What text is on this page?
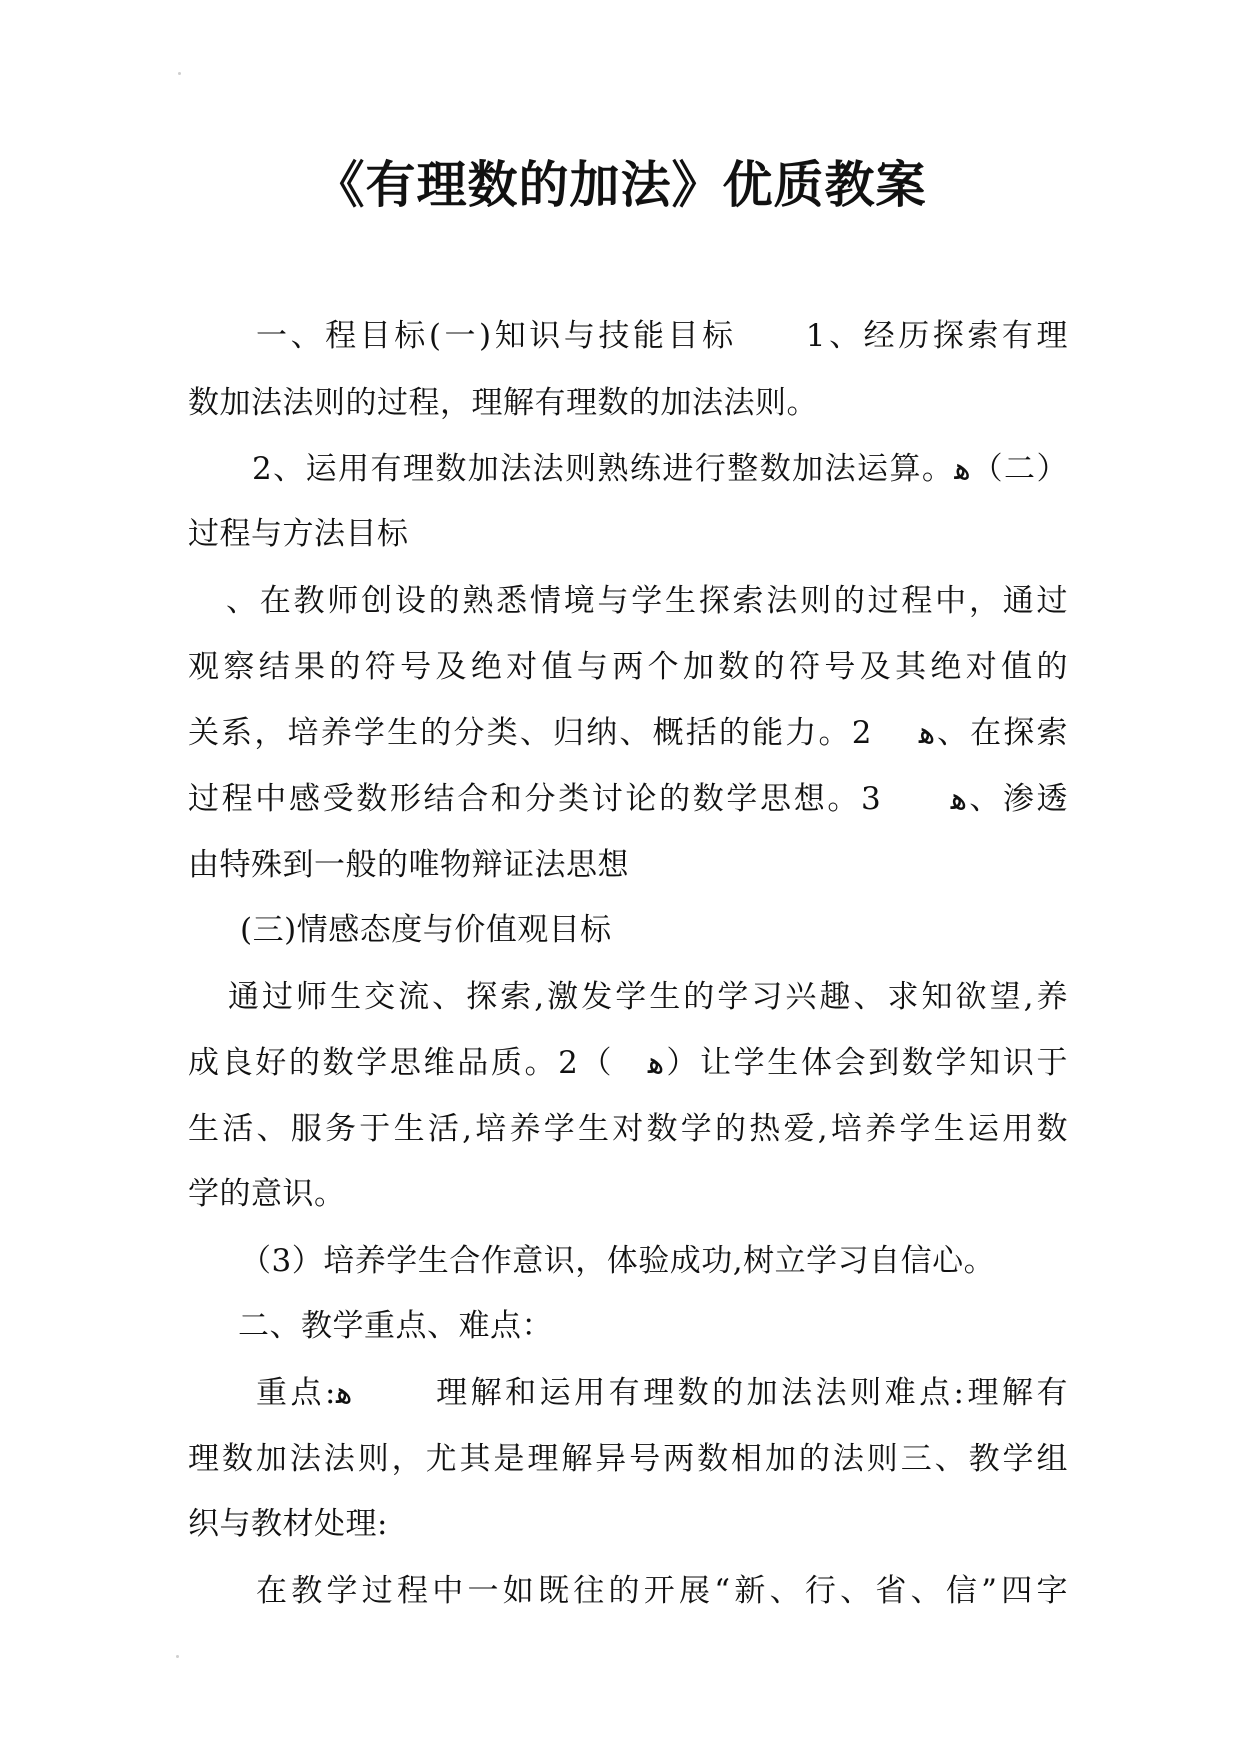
《有理数的加法》优质教案
一、程目标(一)知识与技能目标　　1、经历探索有理
数加法法则的过程，理解有理数的加法法则。
2、运用有理数加法法则熟练进行整数加法运算。ﻫ（二）
过程与方法目标
、在教师创设的熟悉情境与学生探索法则的过程中，通过
观察结果的符号及绝对值与两个加数的符号及其绝对值的
关系，培养学生的分类、归纳、概括的能力。2　 ﻫ、在探索
过程中感受数形结合和分类讨论的数学思想。3　　ﻫ、渗透
由特殊到一般的唯物辩证法思想
(三)情感态度与价值观目标
通过师生交流、探索,激发学生的学习兴趣、求知欲望,养
成良好的数学思维品质。2（　ﻫ）让学生体会到数学知识于
生活、服务于生活,培养学生对数学的热爱,培养学生运用数
学的意识。
（3）培养学生合作意识，体验成功,树立学习自信心。
二、教学重点、难点：
重点:ﻫ　　 理解和运用有理数的加法法则难点:理解有
理数加法法则，尤其是理解异号两数相加的法则三、教学组
织与教材处理:
在教学过程中一如既往的开展“新、行、省、信”四字
